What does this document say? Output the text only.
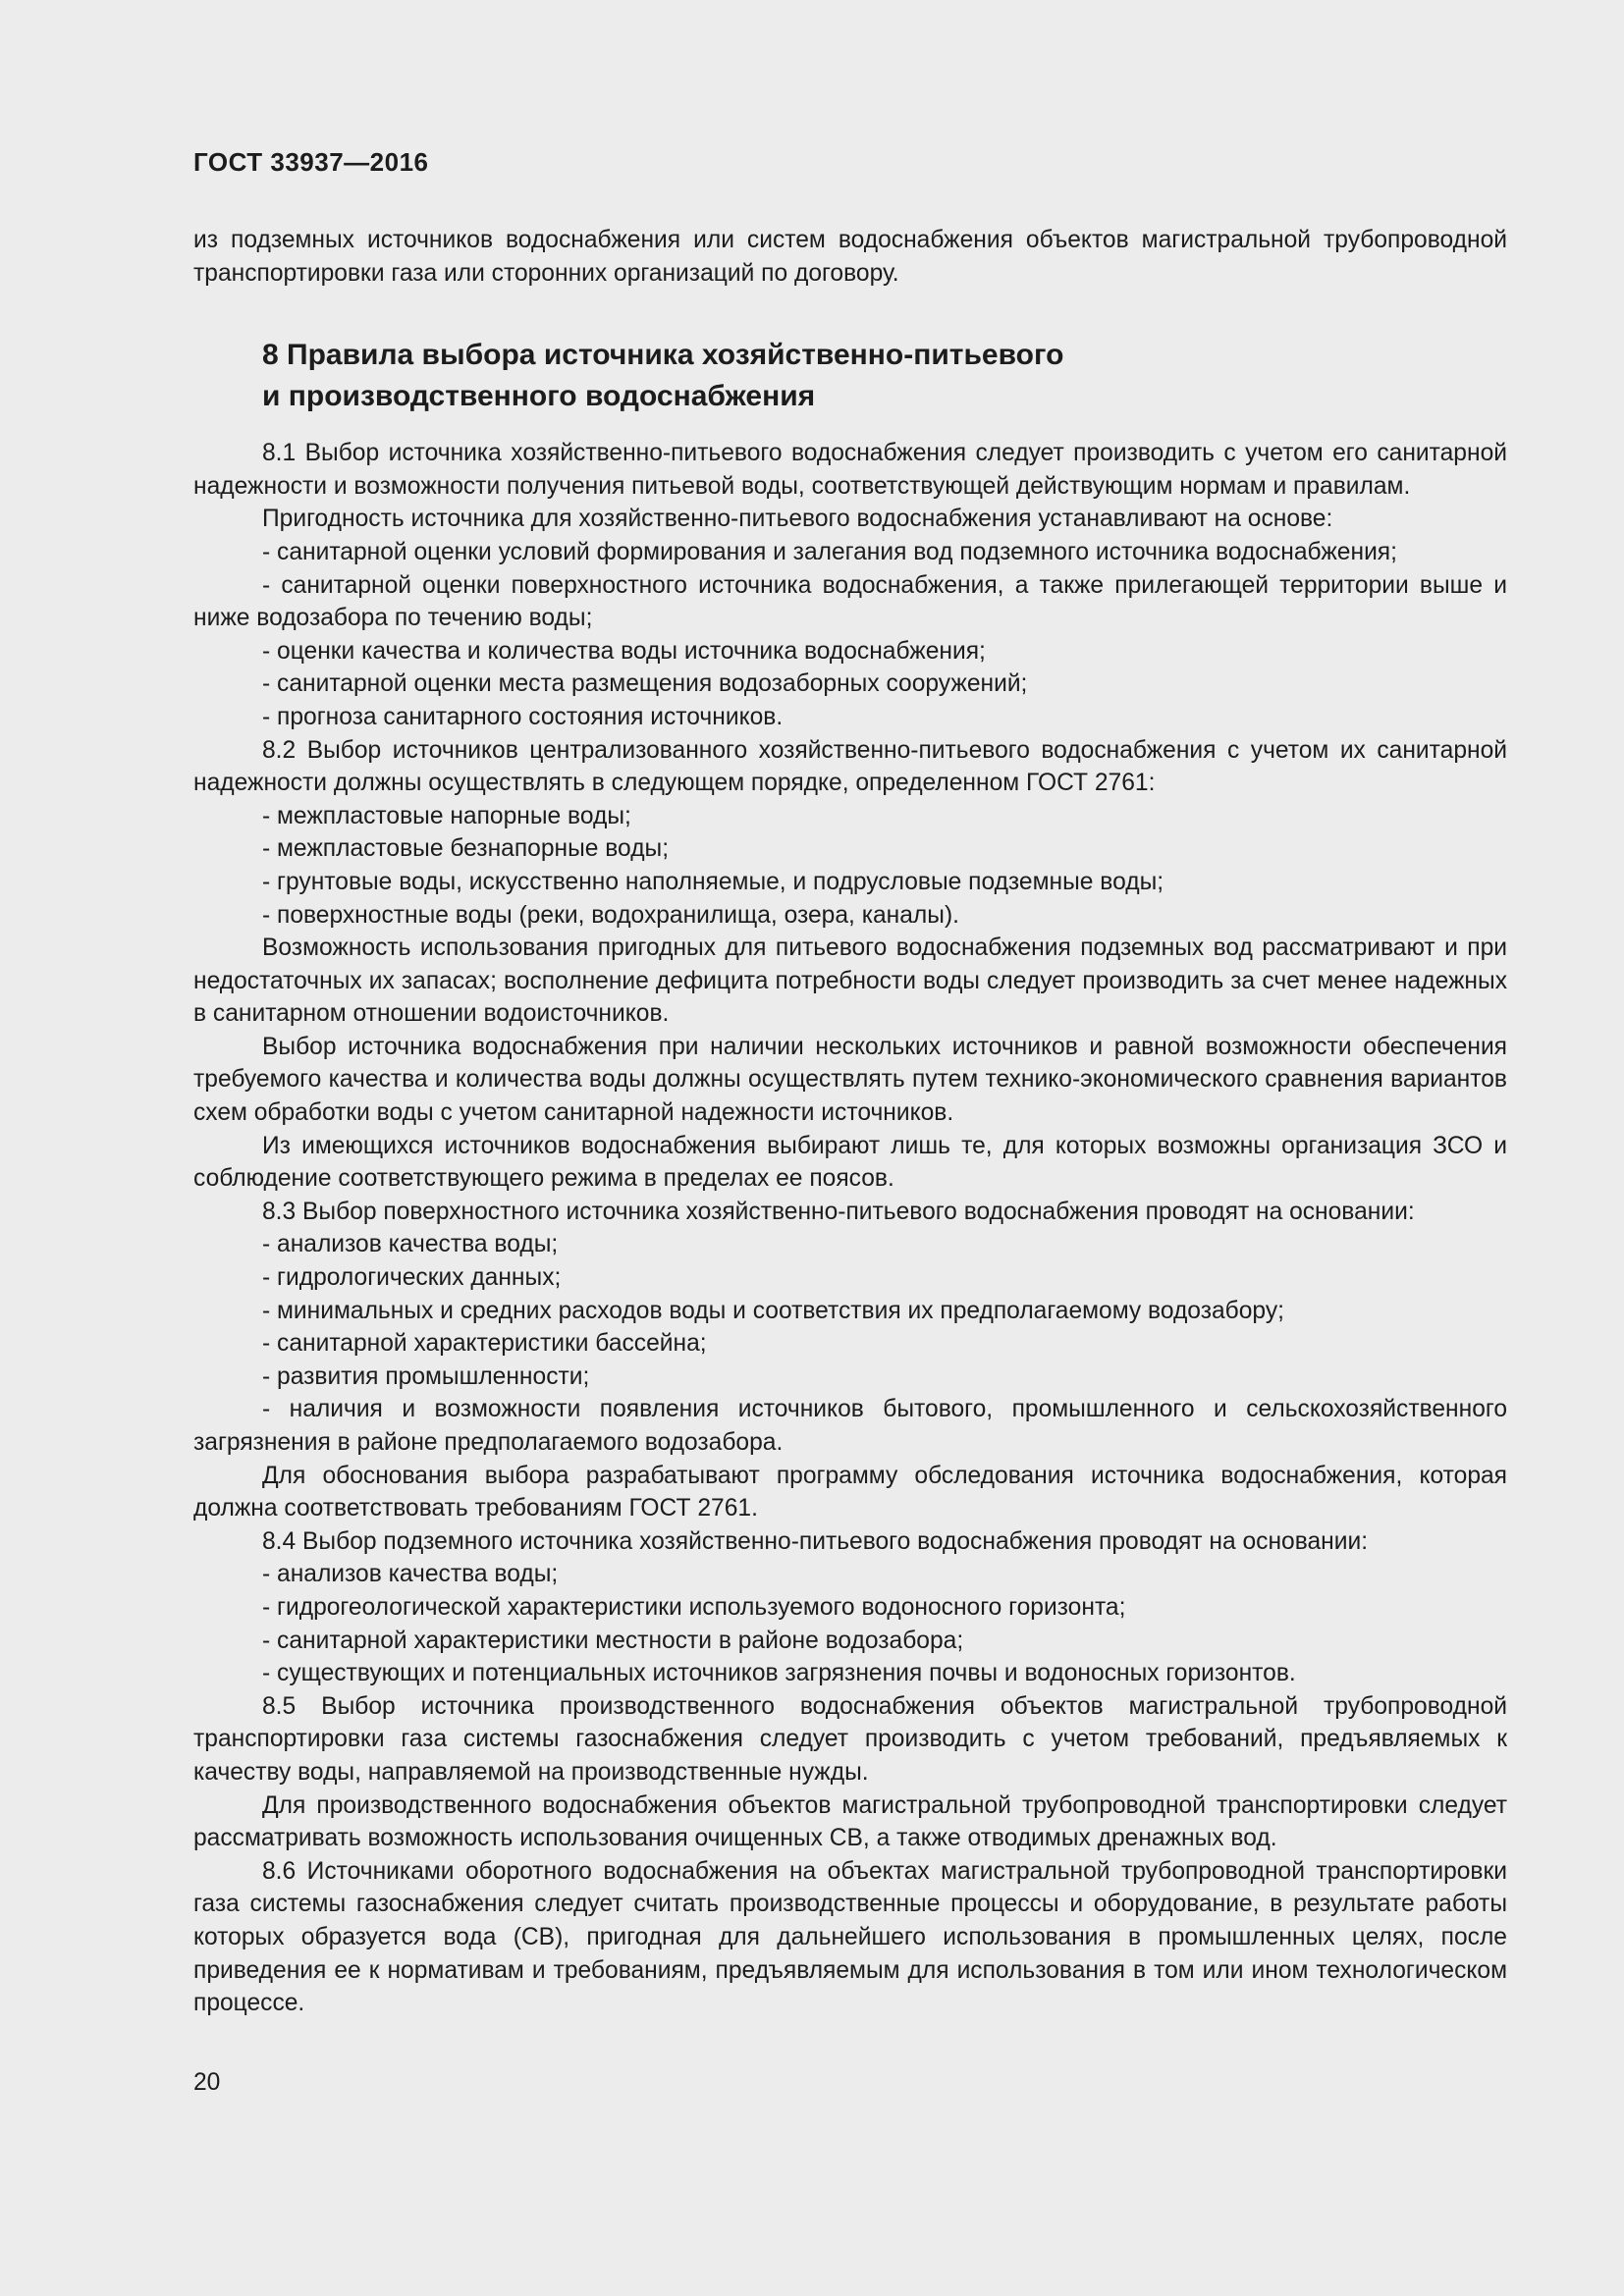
ГОСТ 33937—2016

из подземных источников водоснабжения или систем водоснабжения объектов магистральной трубопроводной транспортировки газа или сторонних организаций по договору.

8 Правила выбора источника хозяйственно-питьевого
и производственного водоснабжения

8.1 Выбор источника хозяйственно-питьевого водоснабжения следует производить с учетом его санитарной надежности и возможности получения питьевой воды, соответствующей действующим нормам и правилам.

Пригодность источника для хозяйственно-питьевого водоснабжения устанавливают на основе:

- санитарной оценки условий формирования и залегания вод подземного источника водоснабжения;

- санитарной оценки поверхностного источника водоснабжения, а также прилегающей территории выше и ниже водозабора по течению воды;

- оценки качества и количества воды источника водоснабжения;

- санитарной оценки места размещения водозаборных сооружений;

- прогноза санитарного состояния источников.

8.2 Выбор источников централизованного хозяйственно-питьевого водоснабжения с учетом их санитарной надежности должны осуществлять в следующем порядке, определенном ГОСТ 2761:

- межпластовые напорные воды;

- межпластовые безнапорные воды;

- грунтовые воды, искусственно наполняемые, и подрусловые подземные воды;

- поверхностные воды (реки, водохранилища, озера, каналы).

Возможность использования пригодных для питьевого водоснабжения подземных вод рассматривают и при недостаточных их запасах; восполнение дефицита потребности воды следует производить за счет менее надежных в санитарном отношении водоисточников.

Выбор источника водоснабжения при наличии нескольких источников и равной возможности обеспечения требуемого качества и количества воды должны осуществлять путем технико-экономического сравнения вариантов схем обработки воды с учетом санитарной надежности источников.

Из имеющихся источников водоснабжения выбирают лишь те, для которых возможны организация ЗСО и соблюдение соответствующего режима в пределах ее поясов.

8.3 Выбор поверхностного источника хозяйственно-питьевого водоснабжения проводят на основании:

- анализов качества воды;

- гидрологических данных;

- минимальных и средних расходов воды и соответствия их предполагаемому водозабору;

- санитарной характеристики бассейна;

- развития промышленности;

- наличия и возможности появления источников бытового, промышленного и сельскохозяйственного загрязнения в районе предполагаемого водозабора.

Для обоснования выбора разрабатывают программу обследования источника водоснабжения, которая должна соответствовать требованиям ГОСТ 2761.

8.4 Выбор подземного источника хозяйственно-питьевого водоснабжения проводят на основании:

- анализов качества воды;

- гидрогеологической характеристики используемого водоносного горизонта;

- санитарной характеристики местности в районе водозабора;

- существующих и потенциальных источников загрязнения почвы и водоносных горизонтов.

8.5 Выбор источника производственного водоснабжения объектов магистральной трубопроводной транспортировки газа системы газоснабжения следует производить с учетом требований, предъявляемых к качеству воды, направляемой на производственные нужды.

Для производственного водоснабжения объектов магистральной трубопроводной транспортировки следует рассматривать возможность использования очищенных СВ, а также отводимых дренажных вод.

8.6 Источниками оборотного водоснабжения на объектах магистральной трубопроводной транспортировки газа системы газоснабжения следует считать производственные процессы и оборудование, в результате работы которых образуется вода (СВ), пригодная для дальнейшего использования в промышленных целях, после приведения ее к нормативам и требованиям, предъявляемым для использования в том или ином технологическом процессе.

20
